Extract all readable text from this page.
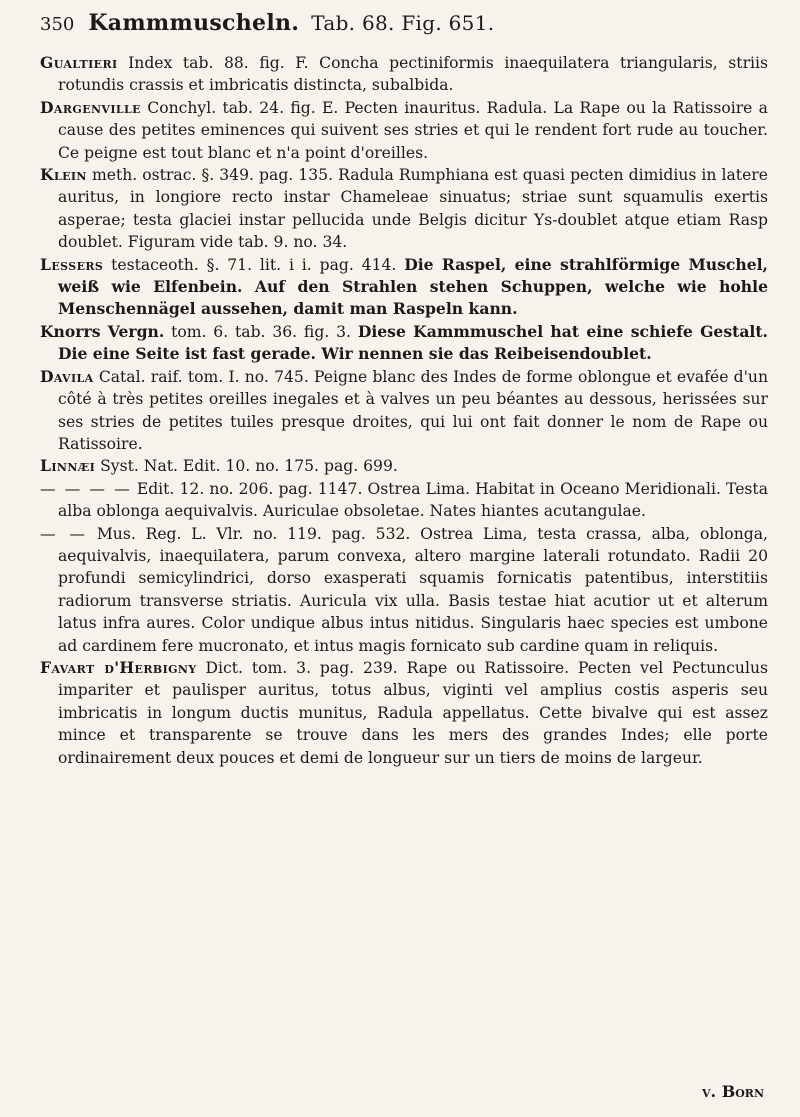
350 Kammmuscheln. Tab. 68. Fig. 651.

Gualtieri Index tab. 88. fig. F. Concha pectiniformis inaequilatera triangularis, striis rotundis crassis et imbricatis distincta, subalbida.

Dargenville Conchyl. tab. 24. fig. E. Pecten inauritus. Radula. La Rape ou la Ratissoire a cause des petites eminences qui suivent ses stries et qui le rendent fort rude au toucher. Ce peigne est tout blanc et n'a point d'oreilles.

Klein meth. ostrac. §. 349. pag. 135. Radula Rumphiana est quasi pecten dimidius in latere auritus, in longiore recto instar Chameleae sinuatus; striae sunt squamulis exertis asperae; testa glaciei instar pellucida unde Belgis dicitur Ys-doublet atque etiam Rasp doublet. Figuram vide tab. 9. no. 34.

Lessers testaceoth. §. 71. lit. i i. pag. 414. Die Raspel, eine strahlförmige Muschel, weiß wie Elfenbein. Auf den Strahlen stehen Schuppen, welche wie hohle Menschennägel aussehen, damit man Raspeln kann.

Knorrs Vergn. tom. 6. tab. 36. fig. 3. Diese Kammmuschel hat eine schiefe Gestalt. Die eine Seite ist fast gerade. Wir nennen sie das Reibeisendoublet.

Davila Catal. raif. tom. I. no. 745. Peigne blanc des Indes de forme oblongue et evafée d'un côté à très petites oreilles inegales et à valves un peu béantes au dessous, herissées sur ses stries de petites tuiles presque droites, qui lui ont fait donner le nom de Rape ou Ratissoire.

Linnæi Syst. Nat. Edit. 10. no. 175. pag. 699.

— — — — Edit. 12. no. 206. pag. 1147. Ostrea Lima. Habitat in Oceano Meridionali. Testa alba oblonga aequivalvis. Auriculae obsoletae. Nates hiantes acutangulae.

— — Mus. Reg. L. Vlr. no. 119. pag. 532. Ostrea Lima, testa crassa, alba, oblonga, aequivalvis, inaequilatera, parum convexa, altero margine laterali rotundato. Radii 20 profundi semicylindrici, dorso exasperati squamis fornicatis patentibus, interstitiis radiorum transverse striatis. Auricula vix ulla. Basis testae hiat acutior ut et alterum latus infra aures. Color undique albus intus nitidus. Singularis haec species est umbone ad cardinem fere mucronato, et intus magis fornicato sub cardine quam in reliquis.

Favart d'Herbigny Dict. tom. 3. pag. 239. Rape ou Ratissoire. Pecten vel Pectunculus impariter et paulisper auritus, totus albus, viginti vel amplius costis asperis seu imbricatis in longum ductis munitus, Radula appellatus. Cette bivalve qui est assez mince et transparente se trouve dans les mers des grandes Indes; elle porte ordinairement deux pouces et demi de longueur sur un tiers de moins de largeur.

v. Born
